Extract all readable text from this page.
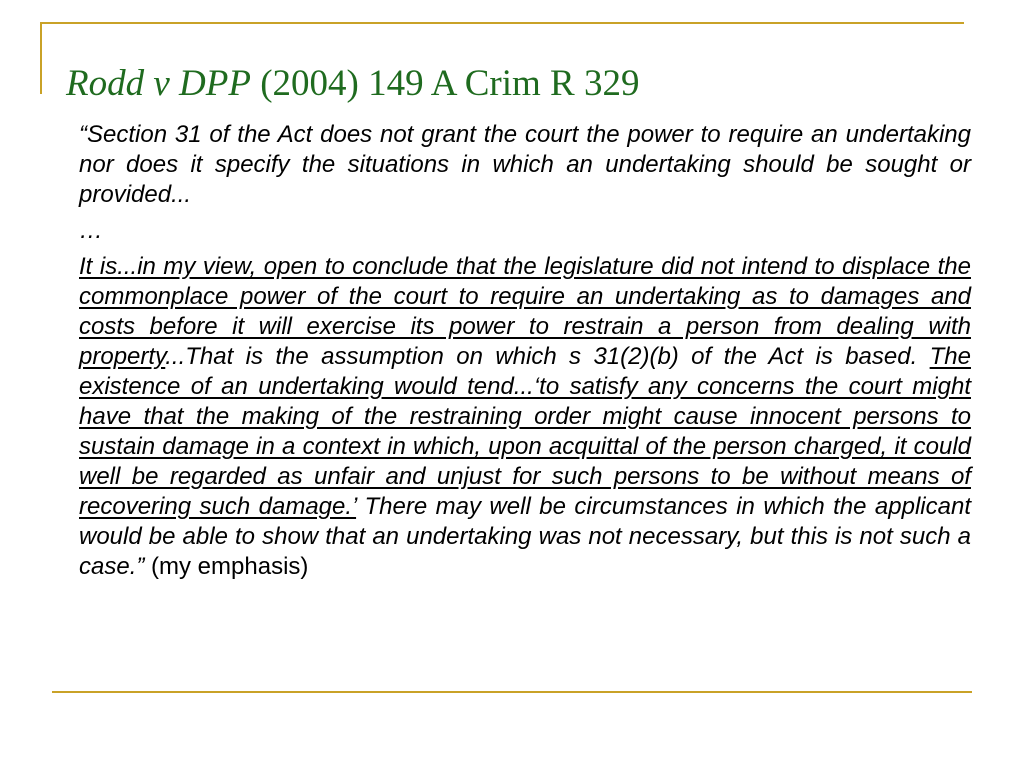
Rodd v DPP (2004) 149 A Crim R 329

“Section 31 of the Act does not grant the court the power to require an undertaking nor does it specify the situations in which an undertaking should be sought or provided...

…

It is...in my view, open to conclude that the legislature did not intend to displace the commonplace power of the court to require an undertaking as to damages and costs before it will exercise its power to restrain a person from dealing with property...That is the assumption on which s 31(2)(b) of the Act is based. The existence of an undertaking would tend...‘to satisfy any concerns the court might have that the making of the restraining order might cause innocent persons to sustain damage in a context in which, upon acquittal of the person charged, it could well be regarded as unfair and unjust for such persons to be without means of recovering such damage.’ There may well be circumstances in which the applicant would be able to show that an undertaking was not necessary, but this is not such a case.” (my emphasis)
